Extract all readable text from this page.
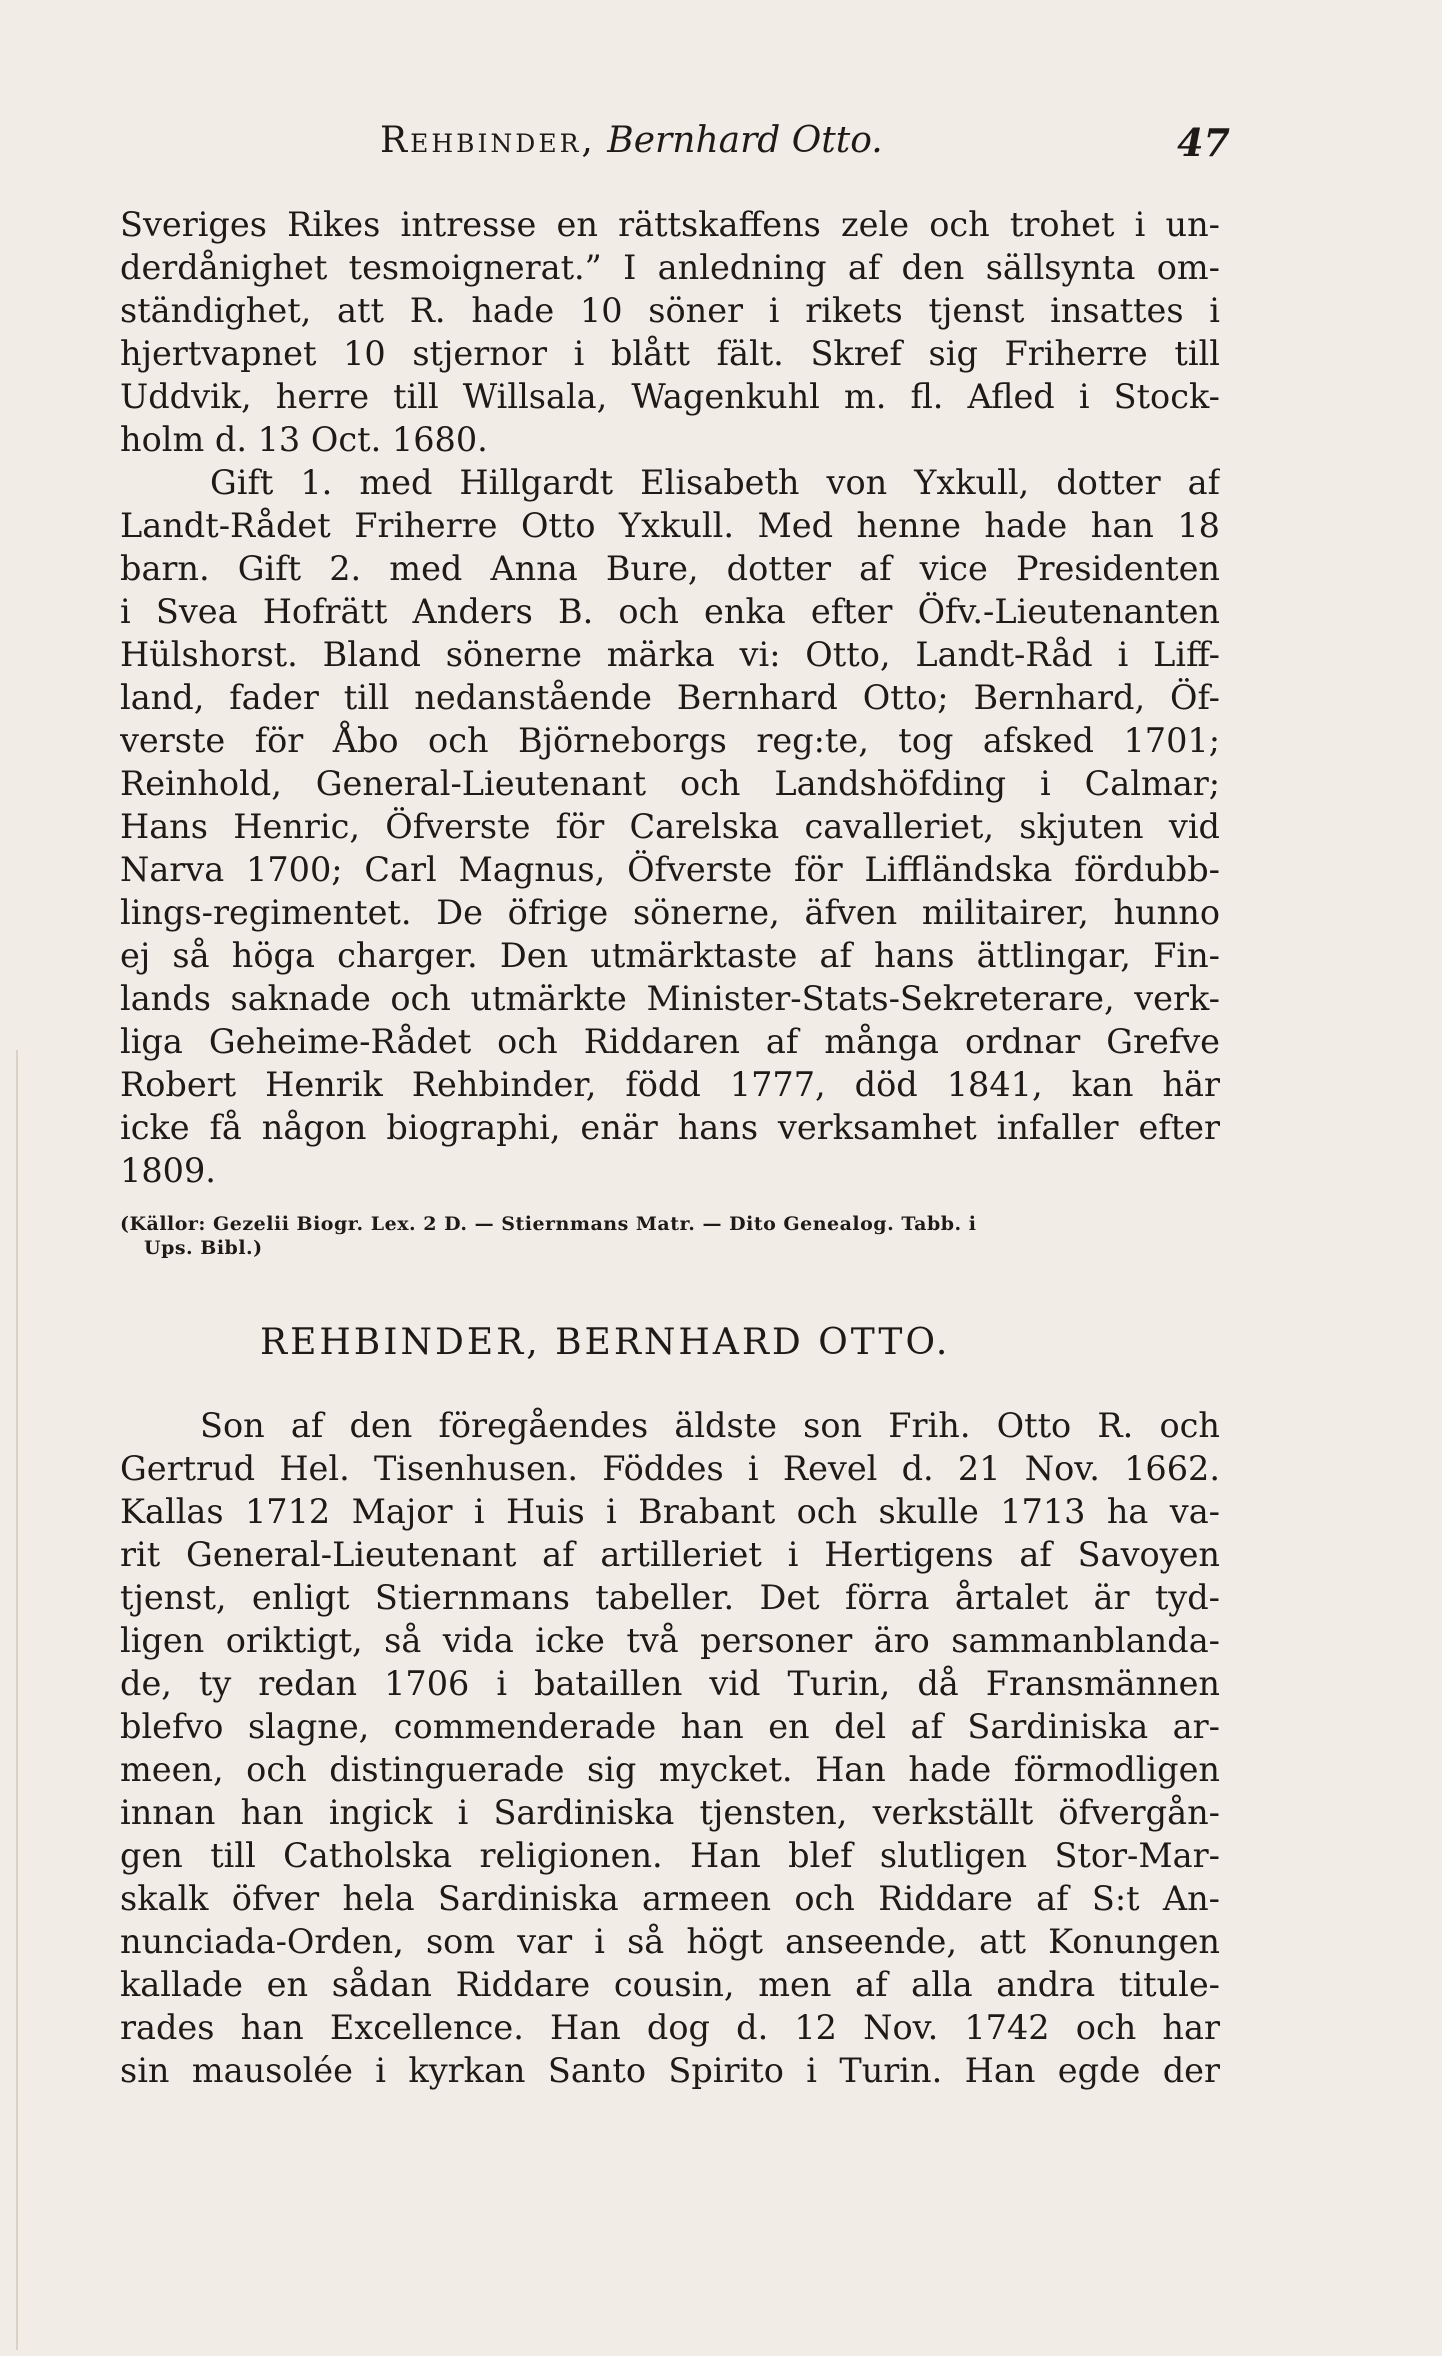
Rehbinder, Bernhard Otto.	47

Sveriges Rikes intresse en rättskaffens zele och trohet i un-
derdånighet tesmoignerat.” I anledning af den sällsynta om-
ständighet, att R. hade 10 söner i rikets tjenst insattes i
hjertvapnet 10 stjernor i blått fält. Skref sig Friherre till
Uddvik, herre till Willsala, Wagenkuhl m. fl. Afled i Stock-
holm d. 13 Oct. 1680.
Gift 1. med Hillgardt Elisabeth von Yxkull, dotter af
Landt-Rådet Friherre Otto Yxkull. Med henne hade han 18
barn. Gift 2. med Anna Bure, dotter af vice Presidenten
i Svea Hofrätt Anders B. och enka efter Öfv.-Lieutenanten
Hülshorst. Bland sönerne märka vi: Otto, Landt-Råd i Liff-
land, fader till nedanstående Bernhard Otto; Bernhard, Öf-
verste för Åbo och Björneborgs reg:te, tog afsked 1701;
Reinhold, General-Lieutenant och Landshöfding i Calmar;
Hans Henric, Öfverste för Carelska cavalleriet, skjuten vid
Narva 1700; Carl Magnus, Öfverste för Liffländska fördubb-
lings-regimentet. De öfrige sönerne, äfven militairer, hunno
ej så höga charger. Den utmärktaste af hans ättlingar, Fin-
lands saknade och utmärkte Minister-Stats-Sekreterare, verk-
liga Geheime-Rådet och Riddaren af många ordnar Grefve
Robert Henrik Rehbinder, född 1777, död 1841, kan här
icke få någon biographi, enär hans verksamhet infaller efter
1809.

(Källor: Gezelii Biogr. Lex. 2 D. — Stiernmans Matr. — Dito Genealog. Tabb. i
Ups. Bibl.)
REHBINDER, BERNHARD OTTO.

Son af den föregåendes äldste son Frih. Otto R. och
Gertrud Hel. Tisenhusen. Föddes i Revel d. 21 Nov. 1662.
Kallas 1712 Major i Huis i Brabant och skulle 1713 ha va-
rit General-Lieutenant af artilleriet i Hertigens af Savoyen
tjenst, enligt Stiernmans tabeller. Det förra årtalet är tyd-
ligen oriktigt, så vida icke två personer äro sammanblanda-
de, ty redan 1706 i bataillen vid Turin, då Fransmännen
blefvo slagne, commenderade han en del af Sardiniska ar-
meen, och distinguerade sig mycket. Han hade förmodligen
innan han ingick i Sardiniska tjensten, verkställt öfvergån-
gen till Catholska religionen. Han blef slutligen Stor-Mar-
skalk öfver hela Sardiniska armeen och Riddare af S:t An-
nunciada-Orden, som var i så högt anseende, att Konungen
kallade en sådan Riddare cousin, men af alla andra titule-
rades han Excellence. Han dog d. 12 Nov. 1742 och har
sin mausolée i kyrkan Santo Spirito i Turin. Han egde der
